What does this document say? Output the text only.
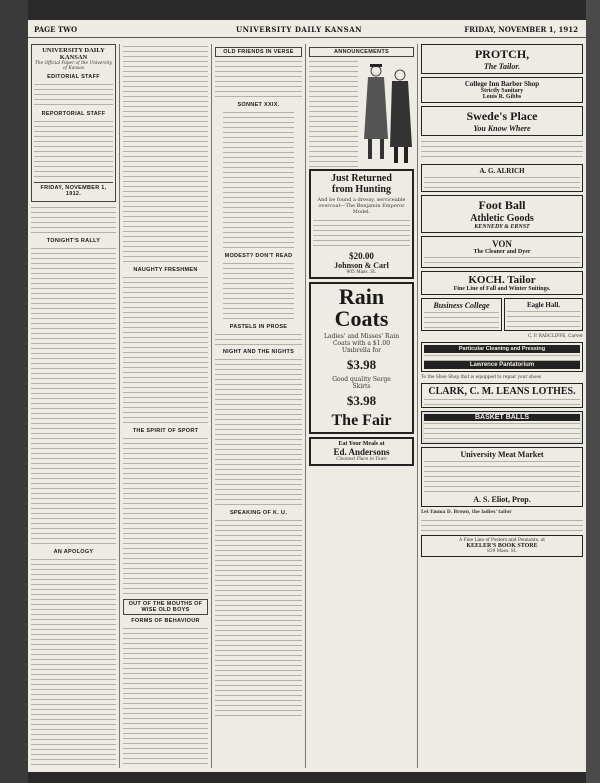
PAGE TWO	UNIVERSITY DAILY KANSAN	FRIDAY, NOVEMBER 1, 1912
UNIVERSITY DAILY KANSAN
The Official Paper of the University of Kansas
EDITORIAL STAFF
REPORTORIAL STAFF
FRIDAY, NOVEMBER 1, 1912.
TONIGHT'S RALLY
AN APOLOGY
NAUGHTY FRESHMEN
THE SPIRIT OF SPORT
OUT OF THE MOUTHS OF WISE OLD BOYS
FORMS OF BEHAVIOUR
OLD FRIENDS IN VERSE
SONNET XXIX.
MODEST? DON'T READ
PASTELS IN PROSE
NIGHT AND THE NIGHTS
SPEAKING OF K. U.
ANNOUNCEMENTS
Just Returned
from Hunting
And be found a dressy, serviceable overcoat—The Benjamin Emperor Model.
$20.00
Johnson & Carl
905 Mass. St.
Rain
Coats
Ladies' and Misses' Rain Coats with a $1.00 Umbrella for
$3.98
Good quality Serge Skirts
$3.98
The Fair
Eat Your Meals at
Ed. Andersons
Cleanest Place in Town
PROTCH,
The Tailor.
College Inn Barber Shop
Strictly Sanitary
Louis R. Gibbs
Swede's Place
You Know Where
A. G. ALRICH
Foot Ball
Athletic Goods
KENNEDY & ERNST
VON
The Cleaner and Dyer
KOCH. Tailor
Fine Line of Fall and Winter Suitings.
Business College	Eagle Hall.
C. P. RADCLIFFE, Carver
Particular Cleaning and Pressing
Lawrence Pantatorium
To the Shoe Shop that is equipped to repair your shoes
CLARK, C. M. LEANS LOTHES.
BASKET BALLS
University Meat Market
A. S. Eliot, Prop.
Let Emma D. Brown, the ladies' tailor
A Fine Line of Posters and Pennants, at
KEELER'S BOOK STORE
839 Mass. St.
